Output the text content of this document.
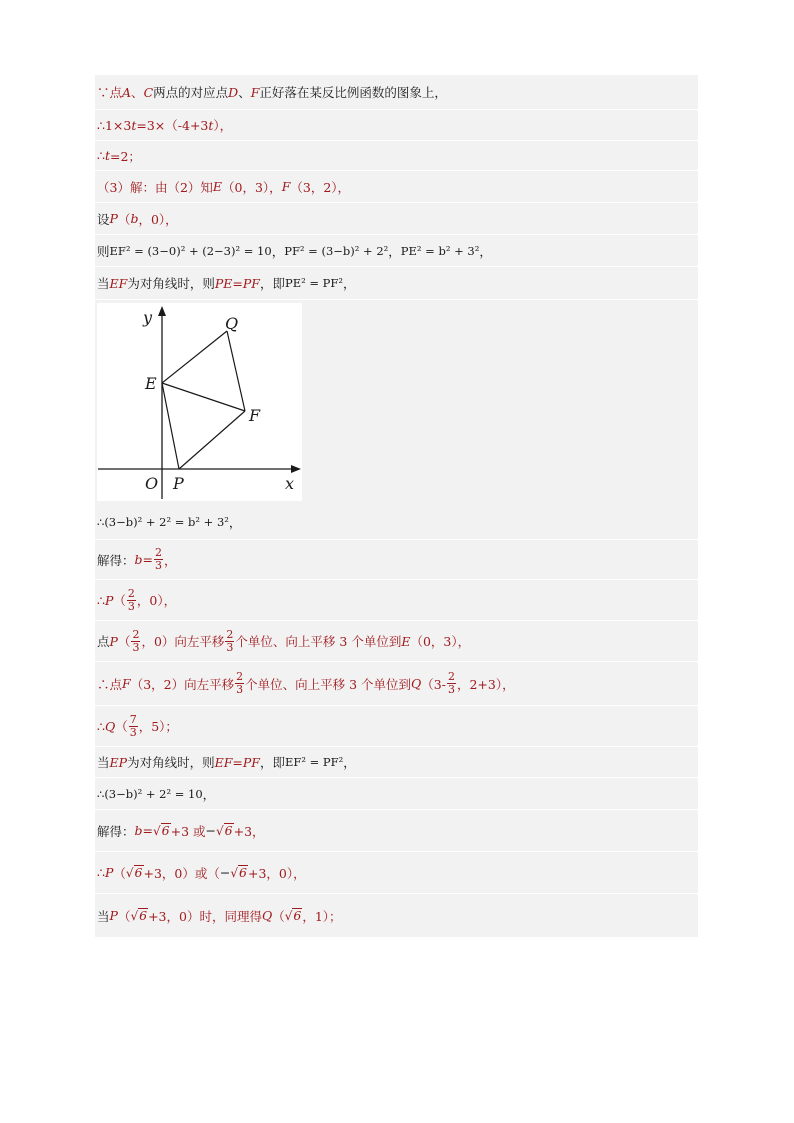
∵点 A 、 C 两点的对应点 D 、 F 正好落在某反比例函数的图象上，
∴1×3 t =3×（-4+3 t ），
∴ t =2；
（3）解：由（2）知 E （0，3）， F （3，2），
设 P （ b ，0），
则 EF² = (3−0)² + (2−3)² = 10 ， PF² = (3−b)² + 2² ， PE² = b² + 3² ，
当 EF 为对角线时，则 PE=PF ，即 PE² = PF² ，
y	Q
E
F
O P	x
∴(3−b)² + 2² = b² + 3² ，
解得： $b = \frac{2}{3}$ ，
∴ P （ $\frac{2}{3}$ ，0），
点 P （ $\frac{2}{3}$ ，0）向左平移 $\frac{2}{3}$ 个单位、向上平移 3 个单位到 E （0，3），
∴点 F （3，2）向左平移 $\frac{2}{3}$ 个单位、向上平移 3 个单位到 Q （$3- \frac{2}{3}$ ，2+3），
∴ Q （ $\frac{7}{3}$ ，5）；
当 EP 为对角线时，则 EF=PF ，即 EF² = PF² ，
∴(3−b)² + 2² = 10 ，
解得： b = √ 6 +3 或 − √ 6 +3，
∴ P （ √ 6 +3，0）或（ − √ 6 +3，0），
当 P （ √ 6 +3，0）时，同理得 Q （ √ 6 ，1）；
